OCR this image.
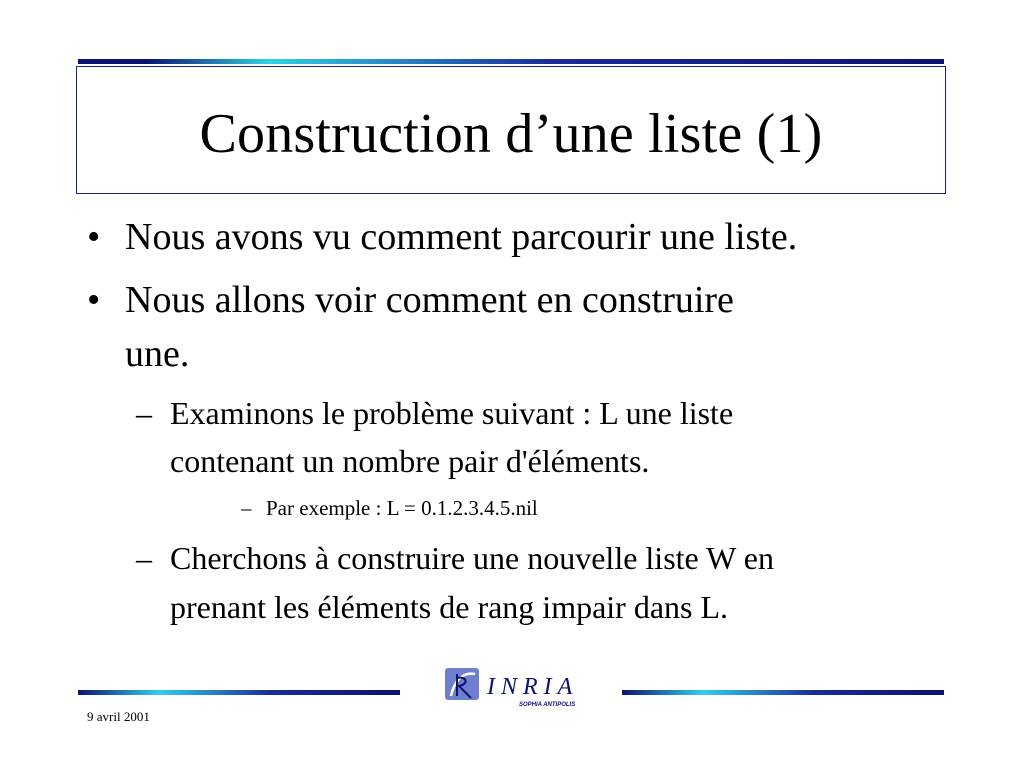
Construction d’une liste (1)
• Nous avons vu comment parcourir une liste.
• Nous allons voir comment en construire
une.
– Examinons le problème suivant : L une liste
contenant un nombre pair d'éléments.
– Par exemple : L = 0.1.2.3.4.5.nil
– Cherchons à construire une nouvelle liste W en
prenant les éléments de rang impair dans L.
INRIA
SOPHIA ANTIPOLIS
9 avril 2001
